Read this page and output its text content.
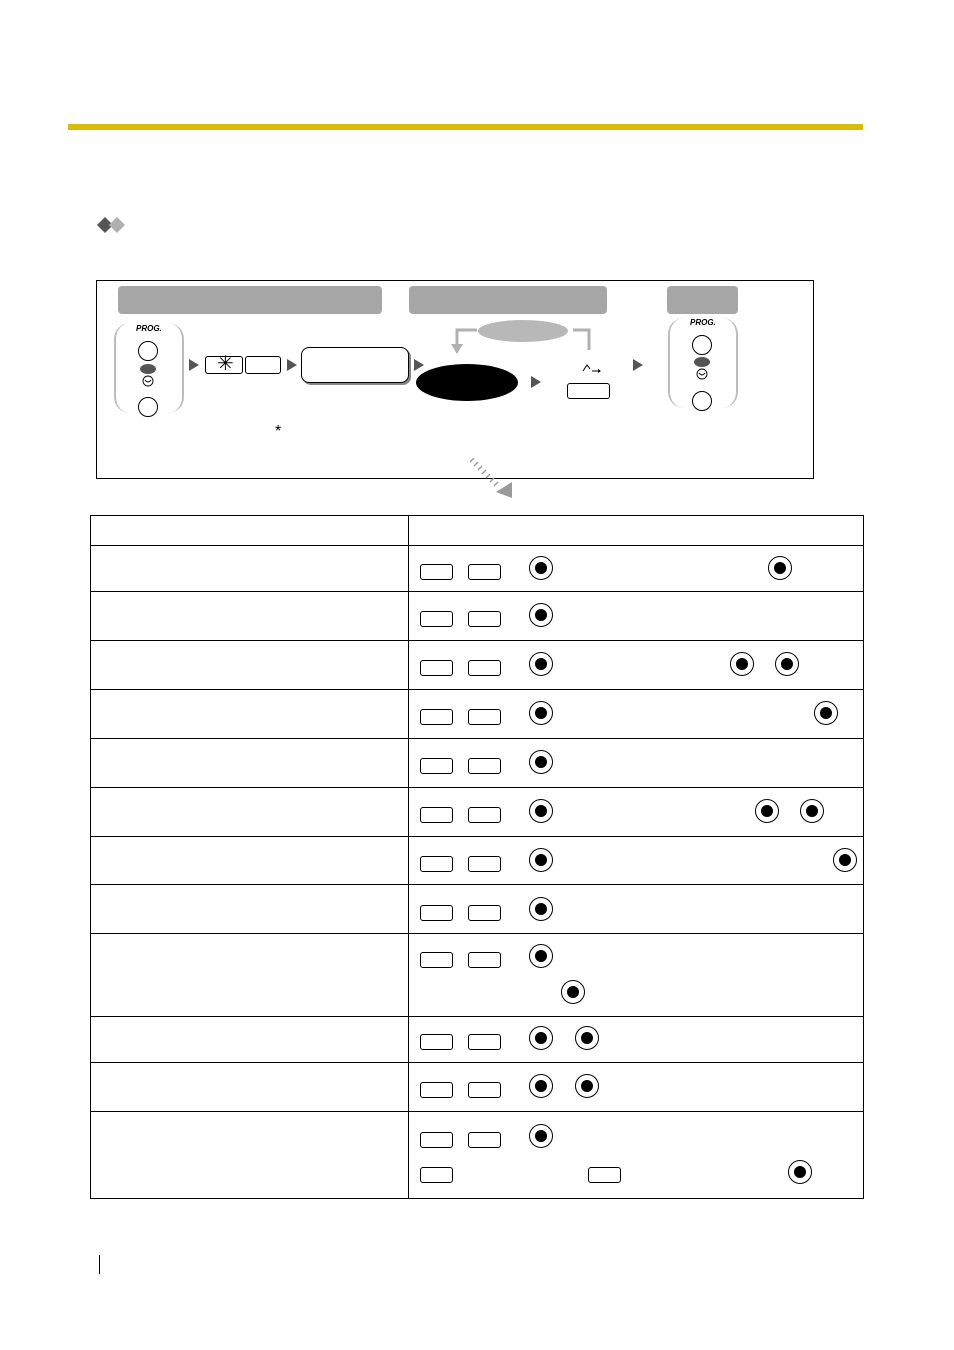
PROG.
✳
PROG.
*
